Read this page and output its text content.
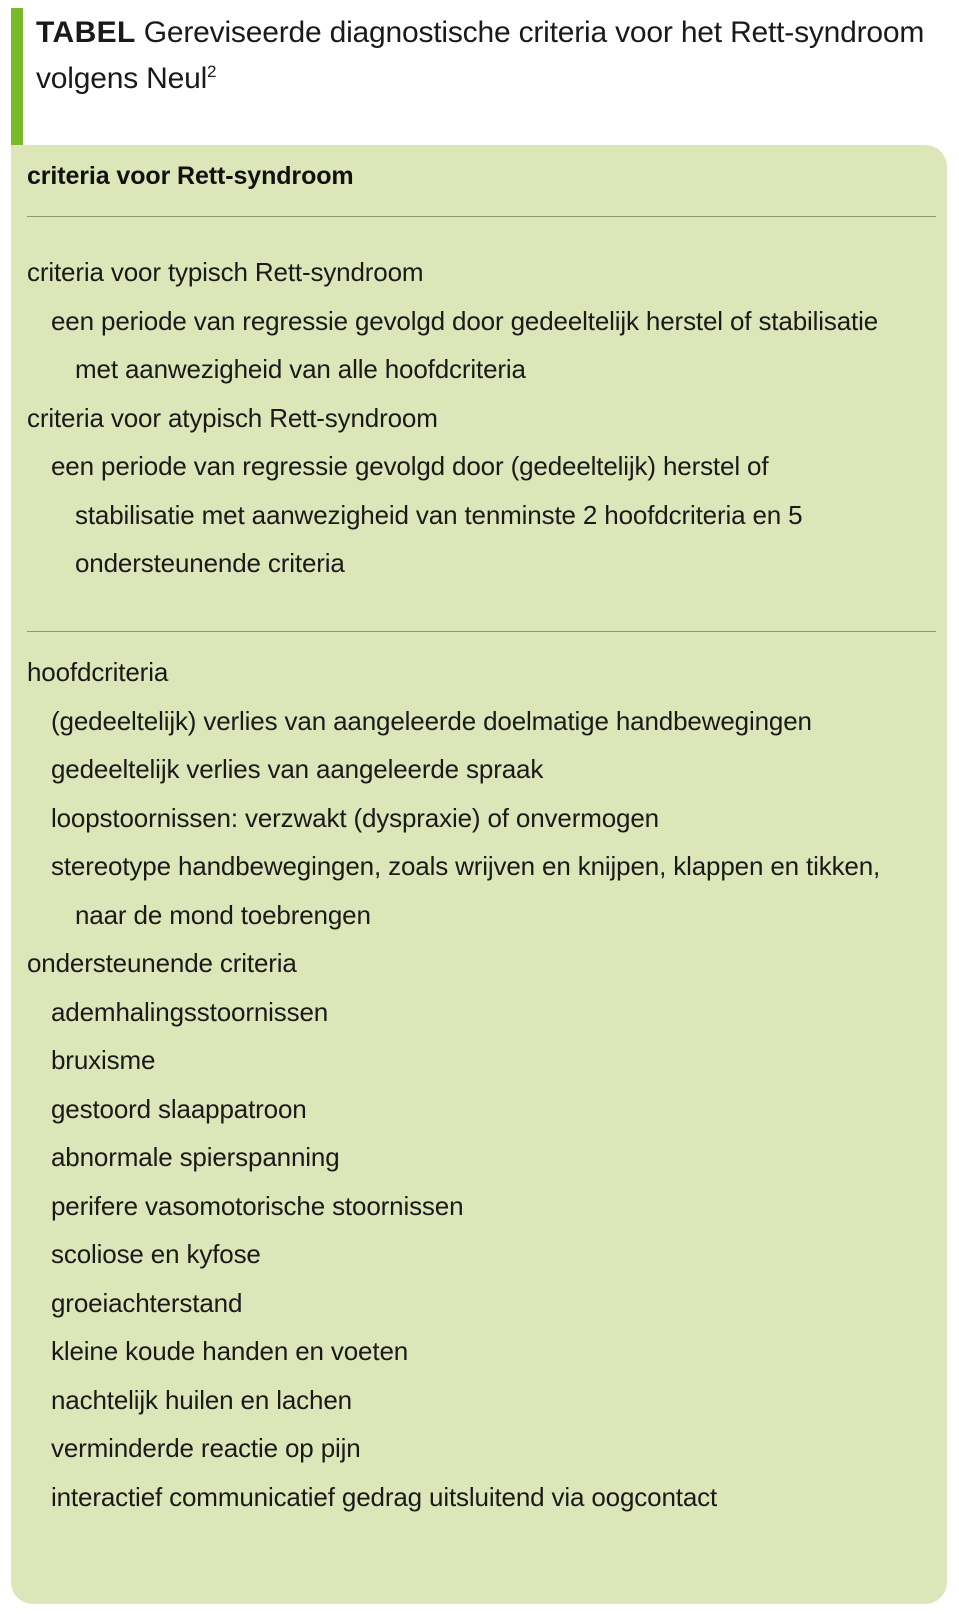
TABEL Gereviseerde diagnostische criteria voor het Rett-syndroom volgens Neul$^2$
criteria voor Rett-syndroom
criteria voor typisch Rett-syndroom
een periode van regressie gevolgd door gedeeltelijk herstel of stabilisatie
met aanwezigheid van alle hoofdcriteria
criteria voor atypisch Rett-syndroom
een periode van regressie gevolgd door (gedeeltelijk) herstel of
stabilisatie met aanwezigheid van tenminste 2 hoofdcriteria en 5
ondersteunende criteria
hoofdcriteria
(gedeeltelijk) verlies van aangeleerde doelmatige handbewegingen
gedeeltelijk verlies van aangeleerde spraak
loopstoornissen: verzwakt (dyspraxie) of onvermogen
stereotype handbewegingen, zoals wrijven en knijpen, klappen en tikken,
naar de mond toebrengen
ondersteunende criteria
ademhalingsstoornissen
bruxisme
gestoord slaappatroon
abnormale spierspanning
perifere vasomotorische stoornissen
scoliose en kyfose
groeiachterstand
kleine koude handen en voeten
nachtelijk huilen en lachen
verminderde reactie op pijn
interactief communicatief gedrag uitsluitend via oogcontact
